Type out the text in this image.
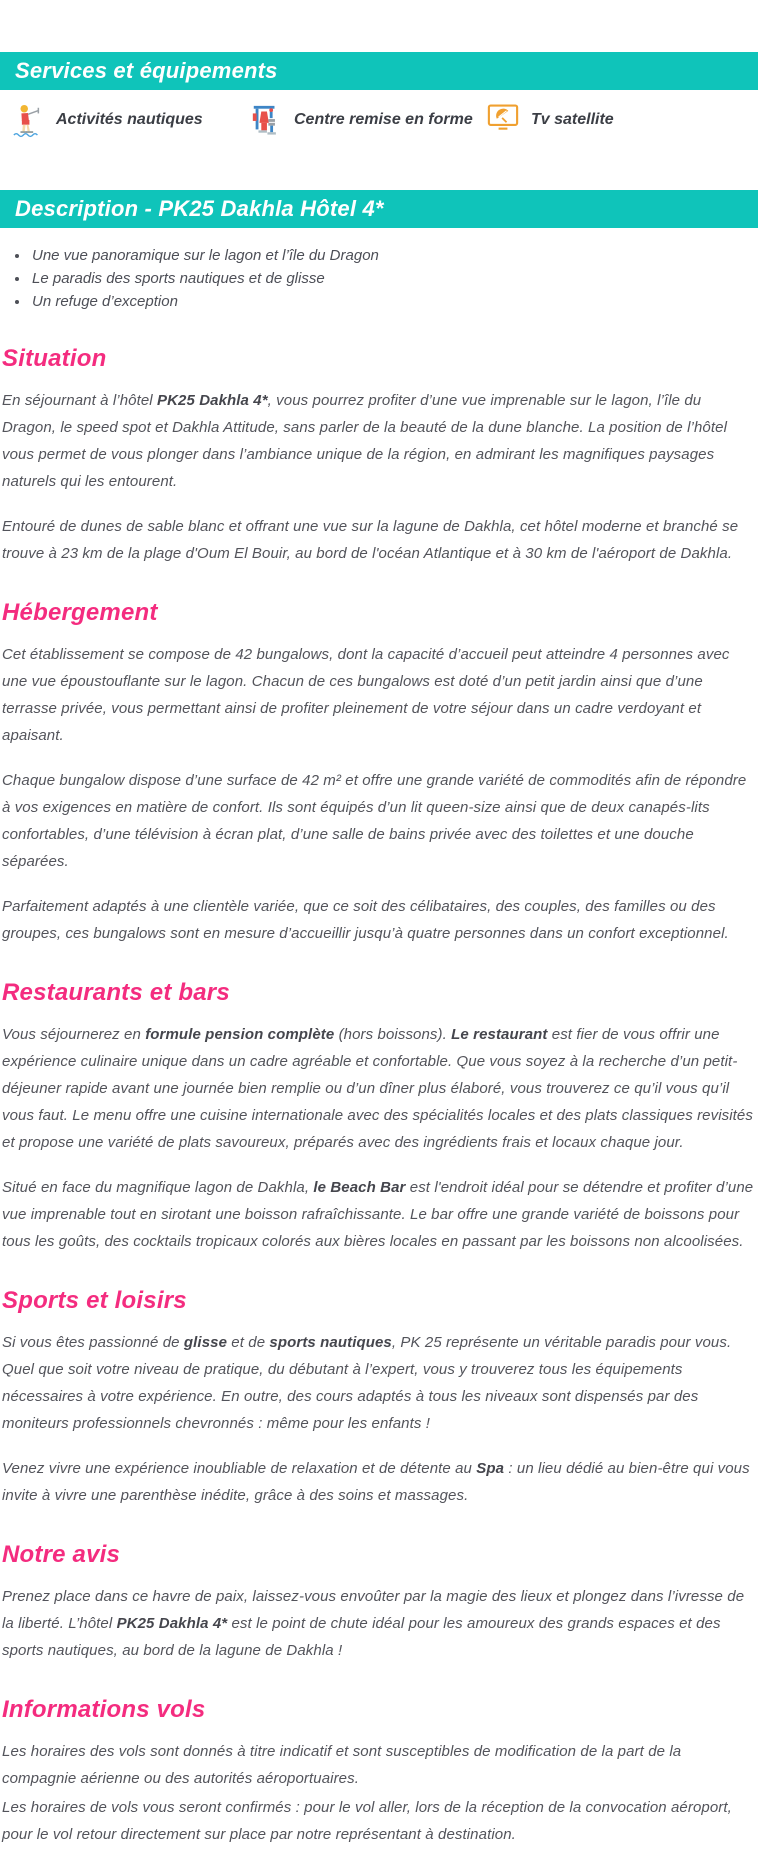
Services et équipements
Activités nautiques	Centre remise en forme	Tv satellite
Description - PK25 Dakhla Hôtel 4*
• Une vue panoramique sur le lagon et l’île du Dragon
• Le paradis des sports nautiques et de glisse
• Un refuge d’exception
Situation

En séjournant à l’hôtel PK25 Dakhla 4*, vous pourrez profiter d’une vue imprenable sur le lagon, l’île du Dragon, le speed spot et Dakhla Attitude, sans parler de la beauté de la dune blanche. La position de l’hôtel vous permet de vous plonger dans l’ambiance unique de la région, en admirant les magnifiques paysages naturels qui les entourent.

Entouré de dunes de sable blanc et offrant une vue sur la lagune de Dakhla, cet hôtel moderne et branché se trouve à 23 km de la plage d'Oum El Bouir, au bord de l'océan Atlantique et à 30 km de l'aéroport de Dakhla.

Hébergement

Cet établissement se compose de 42 bungalows, dont la capacité d’accueil peut atteindre 4 personnes avec une vue époustouflante sur le lagon. Chacun de ces bungalows est doté d’un petit jardin ainsi que d’une terrasse privée, vous permettant ainsi de profiter pleinement de votre séjour dans un cadre verdoyant et apaisant.

Chaque bungalow dispose d’une surface de 42 m² et offre une grande variété de commodités afin de répondre à vos exigences en matière de confort. Ils sont équipés d’un lit queen-size ainsi que de deux canapés-lits confortables, d’une télévision à écran plat, d’une salle de bains privée avec des toilettes et une douche séparées.

Parfaitement adaptés à une clientèle variée, que ce soit des célibataires, des couples, des familles ou des groupes, ces bungalows sont en mesure d’accueillir jusqu’à quatre personnes dans un confort exceptionnel.

Restaurants et bars

Vous séjournerez en formule pension complète (hors boissons). Le restaurant est fier de vous offrir une expérience culinaire unique dans un cadre agréable et confortable. Que vous soyez à la recherche d’un petit-déjeuner rapide avant une journée bien remplie ou d’un dîner plus élaboré, vous trouverez ce qu’il vous qu’il vous faut. Le menu offre une cuisine internationale avec des spécialités locales et des plats classiques revisités et propose une variété de plats savoureux, préparés avec des ingrédients frais et locaux chaque jour.

Situé en face du magnifique lagon de Dakhla, le Beach Bar est l'endroit idéal pour se détendre et profiter d’une vue imprenable tout en sirotant une boisson rafraîchissante. Le bar offre une grande variété de boissons pour tous les goûts, des cocktails tropicaux colorés aux bières locales en passant par les boissons non alcoolisées.

Sports et loisirs

Si vous êtes passionné de glisse et de sports nautiques, PK 25 représente un véritable paradis pour vous. Quel que soit votre niveau de pratique, du débutant à l’expert, vous y trouverez tous les équipements nécessaires à votre expérience. En outre, des cours adaptés à tous les niveaux sont dispensés par des moniteurs professionnels chevronnés : même pour les enfants !

Venez vivre une expérience inoubliable de relaxation et de détente au Spa : un lieu dédié au bien-être qui vous invite à vivre une parenthèse inédite, grâce à des soins et massages.

Notre avis

Prenez place dans ce havre de paix, laissez-vous envoûter par la magie des lieux et plongez dans l’ivresse de la liberté. L’hôtel PK25 Dakhla 4* est le point de chute idéal pour les amoureux des grands espaces et des sports nautiques, au bord de la lagune de Dakhla !

Informations vols

Les horaires des vols sont donnés à titre indicatif et sont susceptibles de modification de la part de la compagnie aérienne ou des autorités aéroportuaires.

Les horaires de vols vous seront confirmés : pour le vol aller, lors de la réception de la convocation aéroport, pour le vol retour directement sur place par notre représentant à destination.
